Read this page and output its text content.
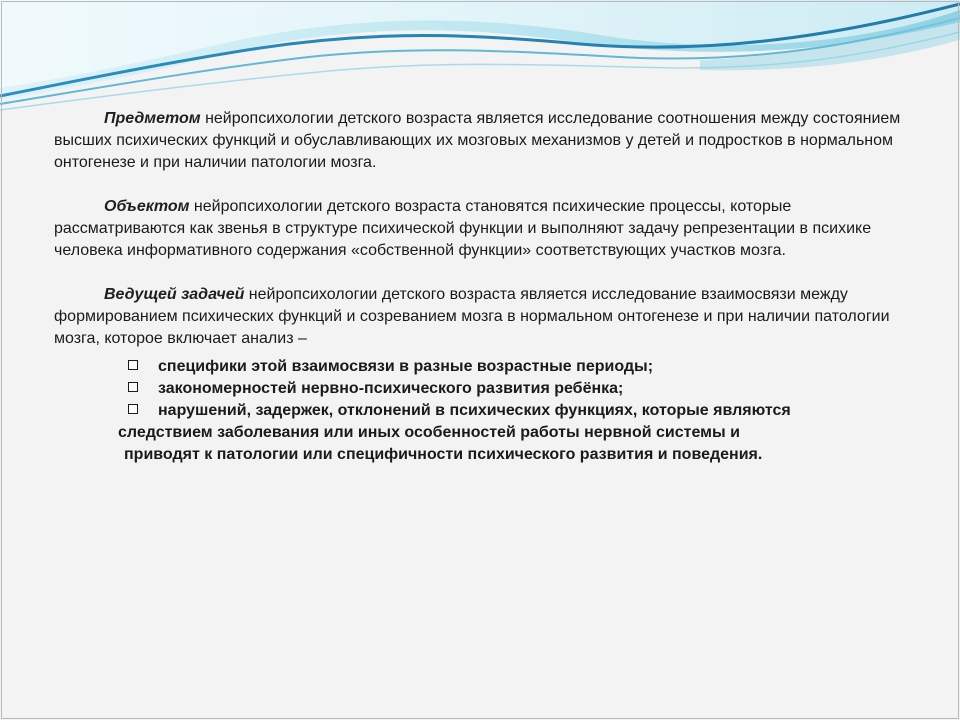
Предметом нейропсихологии детского возраста является исследование соотношения между состоянием высших психических функций и обуславливающих их мозговых механизмов у детей и подростков в нормальном онтогенезе и при наличии патологии мозга.

Объектом нейропсихологии детского возраста становятся психические процессы, которые рассматриваются как звенья в структуре психической функции и выполняют задачу репрезентации в психике человека информативного содержания «собственной функции» соответствующих участков мозга.

Ведущей задачей нейропсихологии детского возраста является исследование взаимосвязи между формированием психических функций и созреванием мозга в нормальном онтогенезе и при наличии патологии мозга, которое включает анализ –

специфики этой взаимосвязи в разные возрастные периоды;
закономерностей нервно-психического развития ребёнка;
нарушений, задержек, отклонений в психических функциях, которые являются
следствием заболевания или иных особенностей работы нервной системы и
приводят к патологии или специфичности психического развития и поведения.
